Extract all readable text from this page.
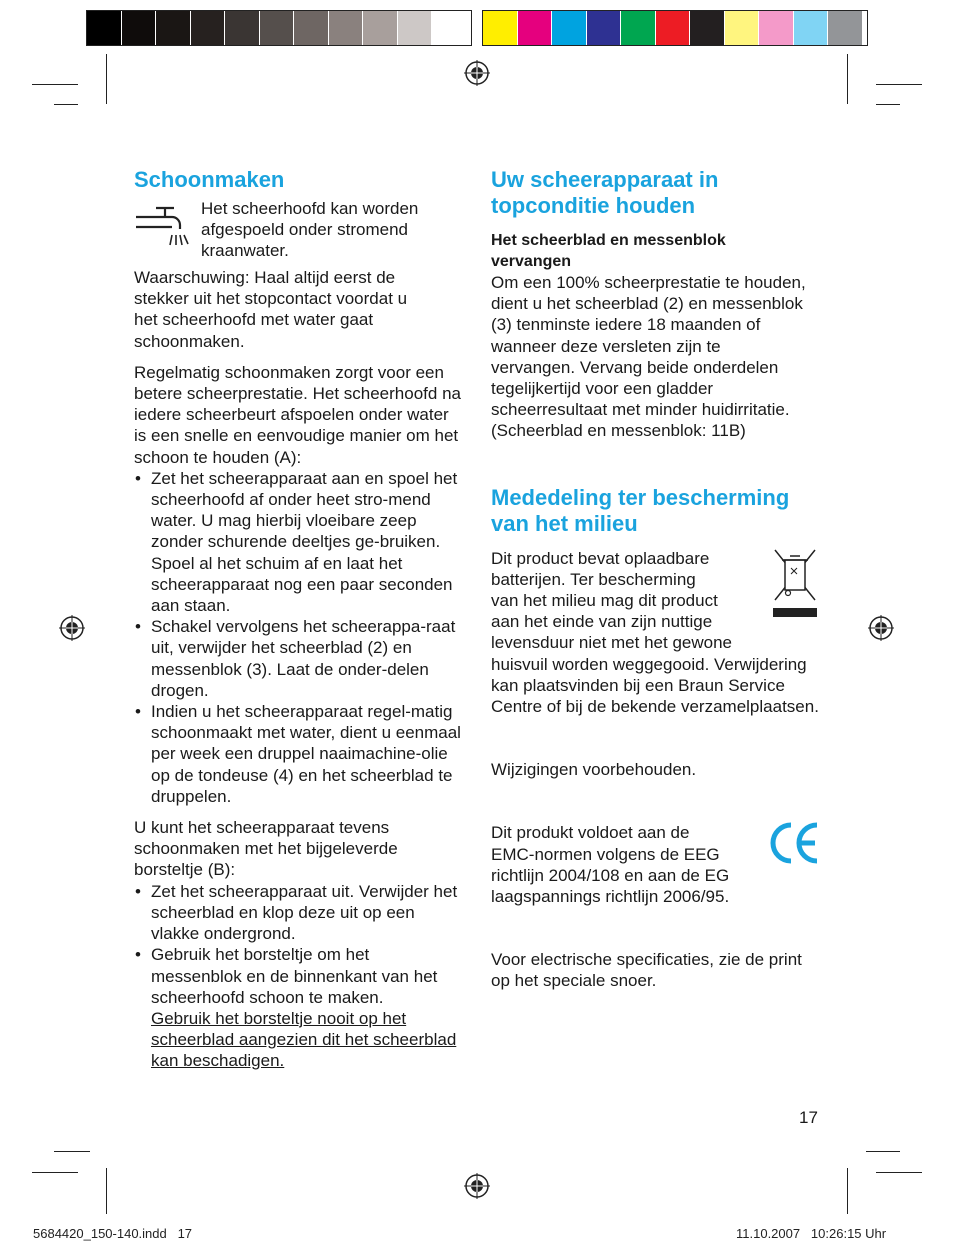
Schoonmaken

Het scheerhoofd kan worden

afgespoeld onder stromend

kraanwater.

Waarschuwing: Haal altijd eerst de stekker uit het stopcontact voordat u het scheerhoofd met water gaat schoonmaken.

Regelmatig schoonmaken zorgt voor een betere scheerprestatie. Het scheerhoofd na iedere scheerbeurt afspoelen onder water is een snelle en eenvoudige manier om het schoon te houden (A):

• Zet het scheerapparaat aan en spoel het scheerhoofd af onder heet stro-mend water. U mag hierbij vloeibare zeep zonder schurende deeltjes ge-bruiken. Spoel al het schuim af en laat het scheerapparaat nog een paar seconden aan staan.
• Schakel vervolgens het scheerappa-raat uit, verwijder het scheerblad (2) en messenblok (3). Laat de onder-delen drogen.
• Indien u het scheerapparaat regel-matig schoonmaakt met water, dient u eenmaal per week een druppel naaimachine-olie op de tondeuse (4) en het scheerblad te druppelen.

U kunt het scheerapparaat tevens schoonmaken met het bijgeleverde borsteltje (B):

• Zet het scheerapparaat uit. Verwijder het scheerblad en klop deze uit op een vlakke ondergrond.
• Gebruik het borsteltje om het messenblok en de binnenkant van het scheerhoofd schoon te maken.
Gebruik het borsteltje nooit op het scheerblad aangezien dit het scheerblad kan beschadigen.
Uw scheerapparaat in
topconditie houden

Het scheerblad en messenblok vervangen

Om een 100% scheerprestatie te houden, dient u het scheerblad (2) en messenblok (3) tenminste iedere 18 maanden of wanneer deze versleten zijn te vervangen. Vervang beide onderdelen tegelijkertijd voor een gladder scheerresultaat met minder huidirritatie.

(Scheerblad en messenblok: 11B)

Mededeling ter bescherming
van het milieu

Dit product bevat oplaadbare

batterijen. Ter bescherming

van het milieu mag dit product

aan het einde van zijn nuttige

levensduur niet met het gewone

huisvuil worden weggegooid. Verwijdering kan plaatsvinden bij een Braun Service Centre of bij de bekende verzamelplaatsen.

Wijzigingen voorbehouden.

Dit produkt voldoet aan de

EMC-normen volgens de EEG

richtlijn 2004/108 en aan de EG

laagspannings richtlijn 2006/95.

Voor electrische specificaties, zie de print op het speciale snoer.

17
5684420_150-140.indd   17	11.10.2007   10:26:15 Uhr
